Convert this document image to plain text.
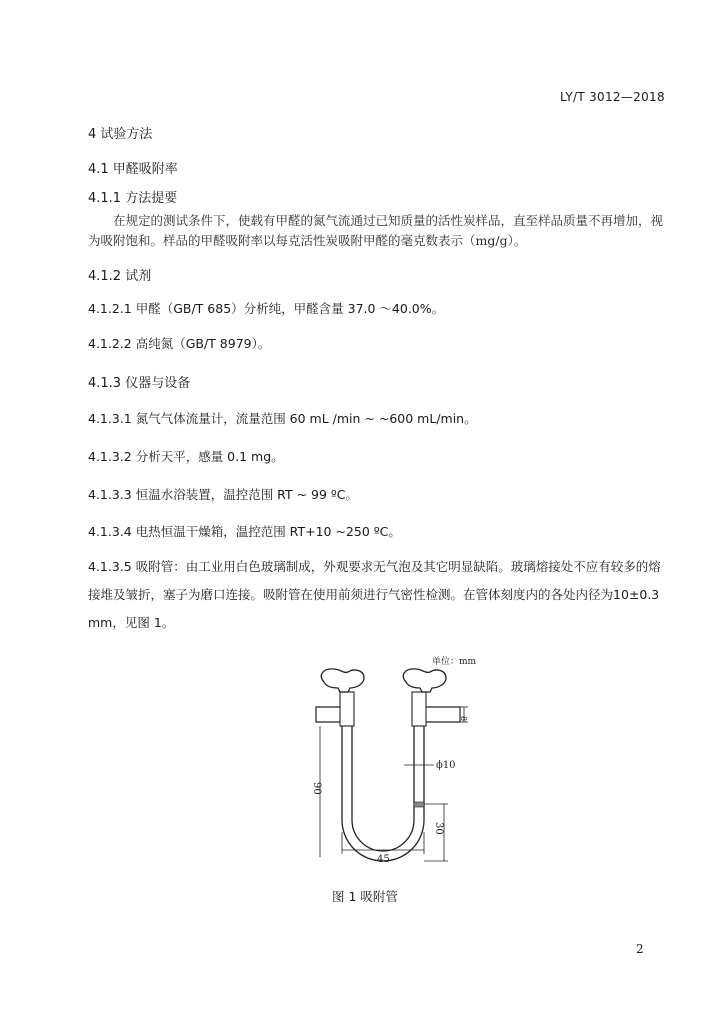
LY/T 3012—2018
4 试验方法
4.1 甲醛吸附率
4.1.1 方法提要
在规定的测试条件下，使载有甲醛的氮气流通过已知质量的活性炭样品，直至样品质量不再增加，视为吸附饱和。样品的甲醛吸附率以每克活性炭吸附甲醛的毫克数表示（mg/g）。
4.1.2 试剂
4.1.2.1 甲醛（GB/T 685）分析纯，甲醛含量 37.0 ～40.0%。
4.1.2.2 高纯氮（GB/T 8979）。
4.1.3 仪器与设备
4.1.3.1 氮气气体流量计，流量范围 60 mL /min ~ ~600 mL/min。
4.1.3.2 分析天平，感量 0.1 mg。
4.1.3.3 恒温水浴装置，温控范围 RT ~ 99 ºC。
4.1.3.4 电热恒温干燥箱，温控范围 RT+10 ~250 ºC。
4.1.3.5 吸附管：由工业用白色玻璃制成，外观要求无气泡及其它明显缺陷。玻璃熔接处不应有较多的熔接堆及皱折，塞子为磨口连接。吸附管在使用前须进行气密性检测。在管体刻度内的各处内径为10±0.3 mm，见图 1。
单位：mm
8
ϕ10
90
30
45
图 1 吸附管
2
